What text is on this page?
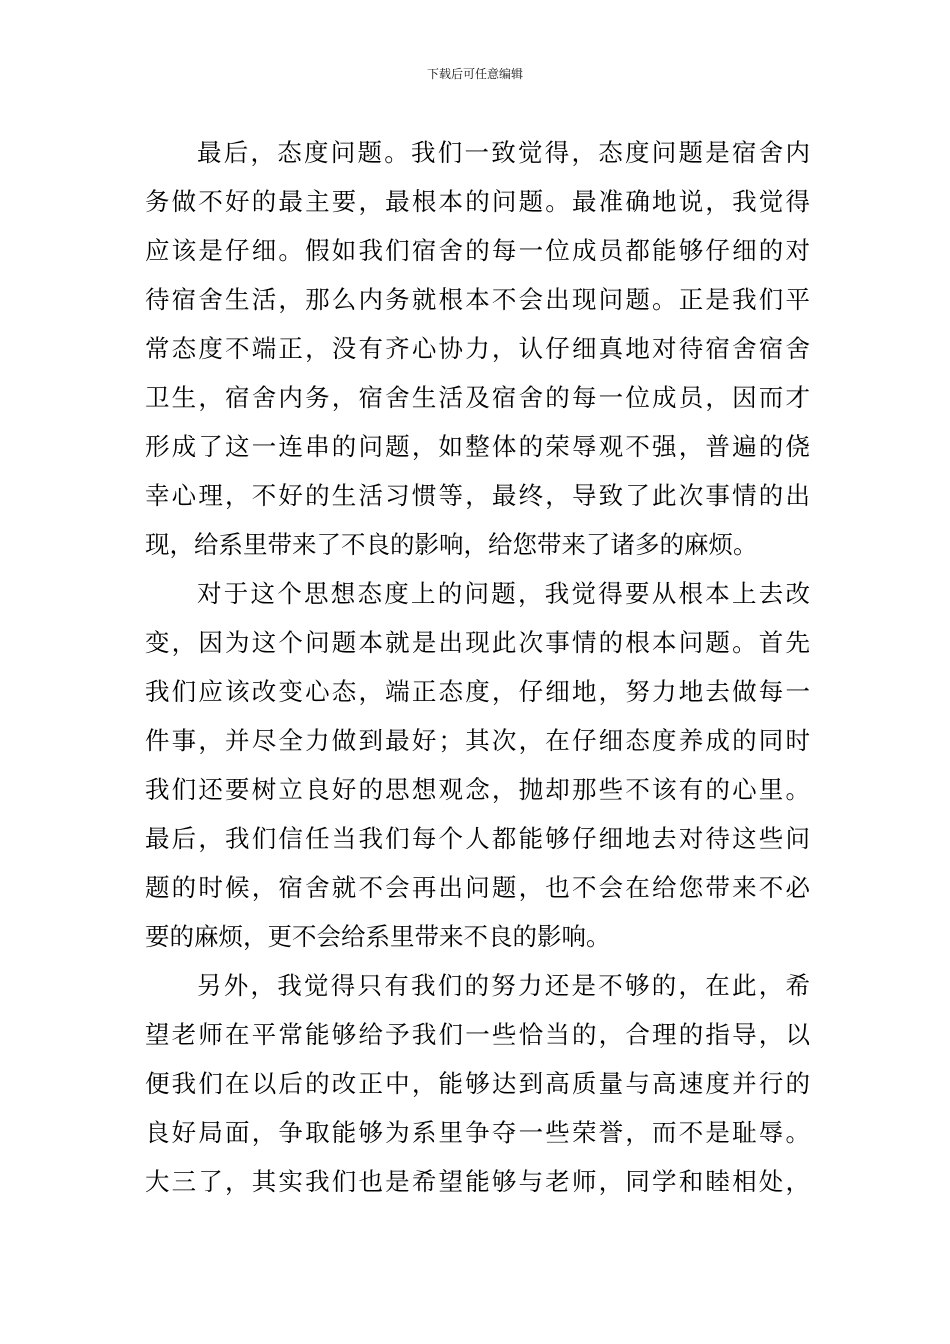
下载后可任意编辑
最后，态度问题。我们一致觉得，态度问题是宿舍内
务做不好的最主要，最根本的问题。最准确地说，我觉得
应该是仔细。假如我们宿舍的每一位成员都能够仔细的对
待宿舍生活，那么内务就根本不会出现问题。正是我们平
常态度不端正，没有齐心协力，认仔细真地对待宿舍宿舍
卫生，宿舍内务，宿舍生活及宿舍的每一位成员，因而才
形成了这一连串的问题，如整体的荣辱观不强，普遍的侥
幸心理，不好的生活习惯等，最终，导致了此次事情的出
现，给系里带来了不良的影响，给您带来了诸多的麻烦。
对于这个思想态度上的问题，我觉得要从根本上去改
变，因为这个问题本就是出现此次事情的根本问题。首先
我们应该改变心态，端正态度，仔细地，努力地去做每一
件事，并尽全力做到最好；其次，在仔细态度养成的同时
我们还要树立良好的思想观念，抛却那些不该有的心里。
最后，我们信任当我们每个人都能够仔细地去对待这些问
题的时候，宿舍就不会再出问题，也不会在给您带来不必
要的麻烦，更不会给系里带来不良的影响。
另外，我觉得只有我们的努力还是不够的，在此，希
望老师在平常能够给予我们一些恰当的，合理的指导，以
便我们在以后的改正中，能够达到高质量与高速度并行的
良好局面，争取能够为系里争夺一些荣誉，而不是耻辱。
大三了，其实我们也是希望能够与老师，同学和睦相处，
